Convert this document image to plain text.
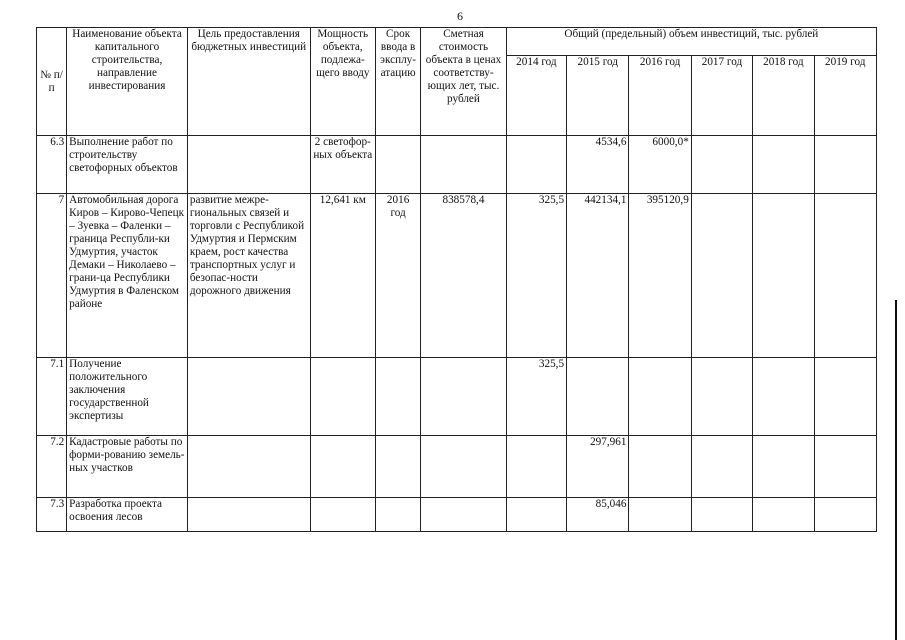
6
№ п/п	Наименование объекта капитального строительства, направление инвестирования	Цель предоставления бюджетных инвестиций	Мощность объекта, подлежа-щего вводу	Срок ввода в эксплу-атацию	Сметная стоимость объекта в ценах соответству-ющих лет, тыс. рублей	Общий (предельный) объем инвестиций, тыс. рублей					
						2014 год	2015 год	2016 год	2017 год	2018 год	2019 год
6.3	Выполнение работ по строительству светофорных объектов		2 светофор-ных объекта				4534,6	6000,0*			
7	Автомобильная дорога Киров – Кирово-Чепецк – Зуевка – Фаленки – граница Республи-ки Удмуртия, участок Демаки – Николаево – грани-ца Республики Удмуртия в Фаленском районе	развитие межре-гиональных связей и торговли с Республикой Удмуртия и Пермским краем, рост качества транспортных услуг и безопас-ности дорожного движения	12,641 км	2016 год	838578,4	325,5	442134,1	395120,9			
7.1	Получение положительного заключения государственной экспертизы					325,5					
7.2	Кадастровые работы по форми-рованию земель-ных участков						297,961				
7.3	Разработка проекта освоения лесов						85,046				
